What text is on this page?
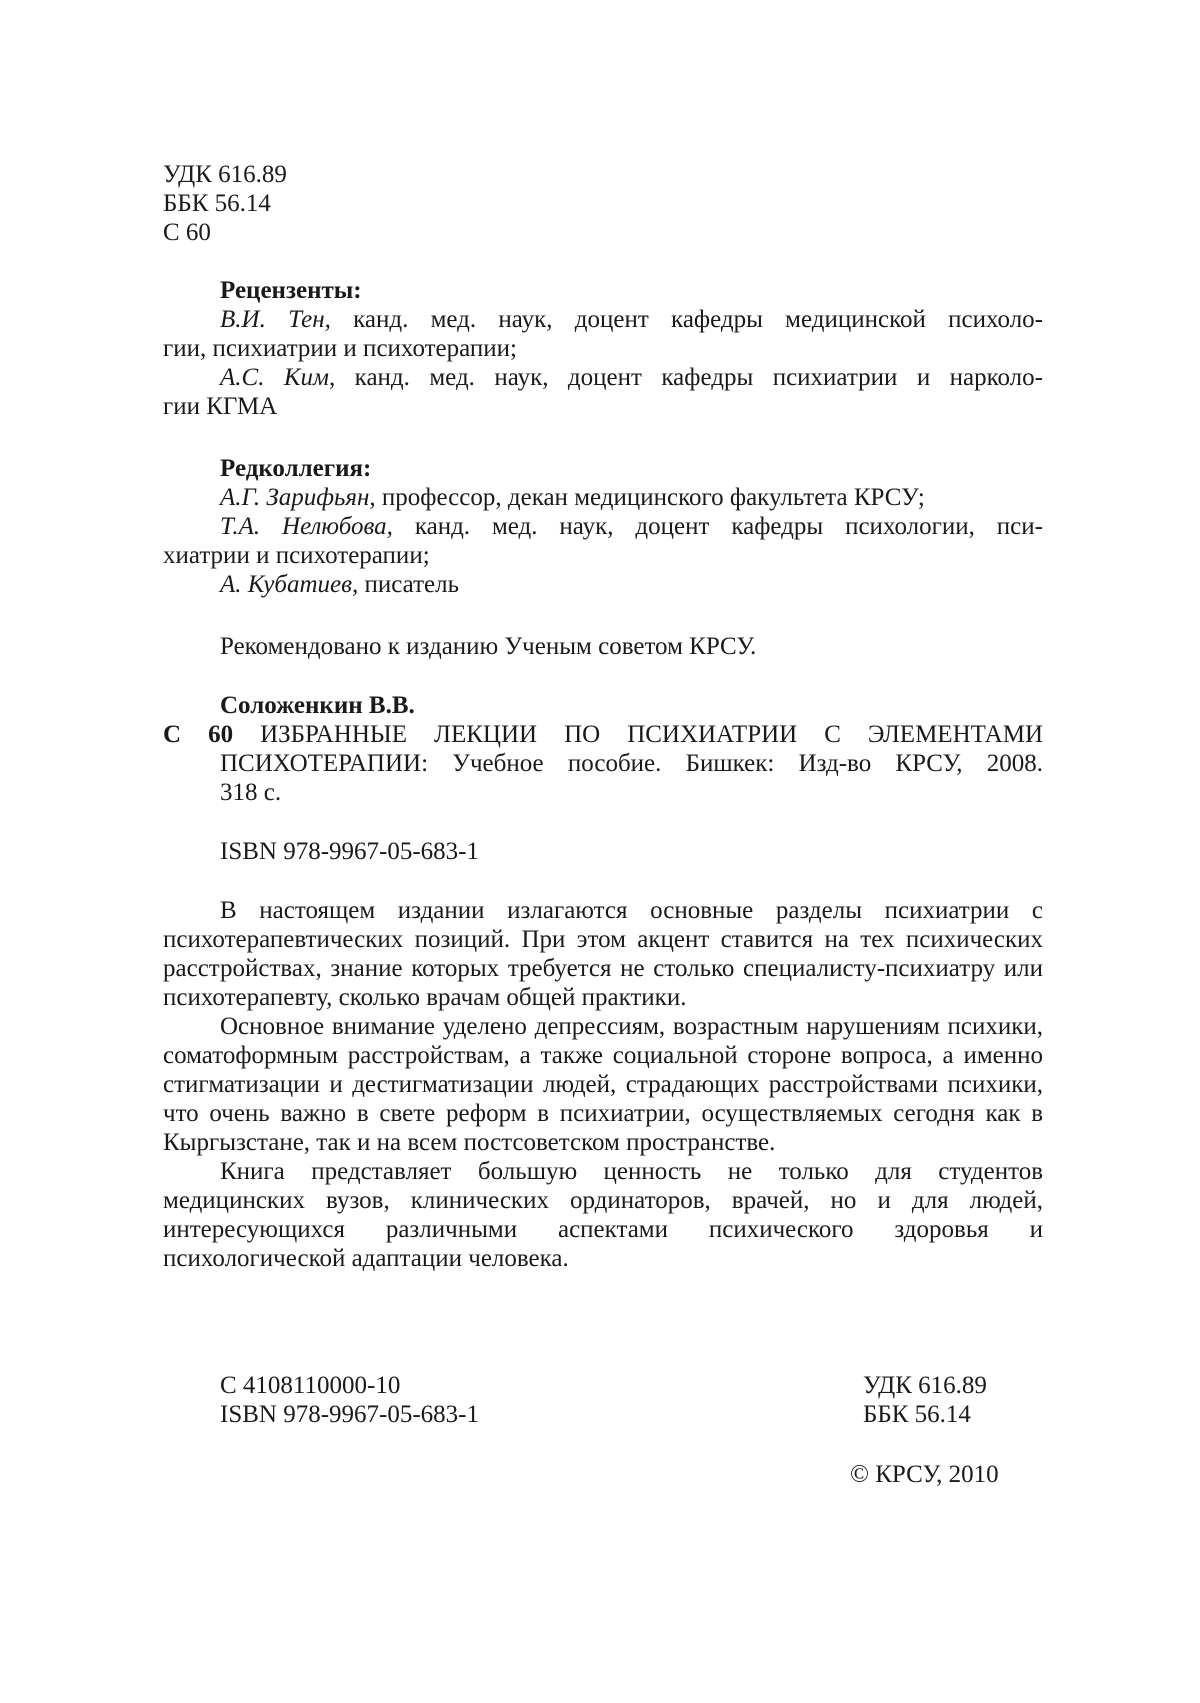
УДК 616.89
ББК 56.14
С 60
Рецензенты:
В.И. Тен, канд. мед. наук, доцент кафедры медицинской психоло-
гии, психиатрии и психотерапии;
А.С. Ким, канд. мед. наук, доцент кафедры психиатрии и нарколо-
гии КГМА
Редколлегия:
А.Г. Зарифьян, профессор, декан медицинского факультета КРСУ;
Т.А. Нелюбова, канд. мед. наук, доцент кафедры психологии, пси-
хиатрии и психотерапии;
А. Кубатиев, писатель
Рекомендовано к изданию Ученым советом КРСУ.
Соложенкин В.В.
С 60 ИЗБРАННЫЕ ЛЕКЦИИ ПО ПСИХИАТРИИ С ЭЛЕМЕНТАМИ
ПСИХОТЕРАПИИ: Учебное пособие. Бишкек: Изд-во КРСУ, 2008.
318 с.
ISBN 978-9967-05-683-1

В настоящем издании излагаются основные разделы психиатрии с психотерапевтических позиций. При этом акцент ставится на тех психических расстройствах, знание которых требуется не столько специалисту-психиатру или психотерапевту, сколько врачам общей практики.

Основное внимание уделено депрессиям, возрастным нарушениям психики, соматоформным расстройствам, а также социальной стороне вопроса, а именно стигматизации и дестигматизации людей, страдающих расстройствами психики, что очень важно в свете реформ в психиатрии, осуществляемых сегодня как в Кыргызстане, так и на всем постсоветском пространстве.

Книга представляет большую ценность не только для студентов медицинских вузов, клинических ординаторов, врачей, но и для людей, интересующихся различными аспектами психического здоровья и психологической адаптации человека.

С 4108110000-10	УДК 616.89
ISBN 978-9967-05-683-1	ББК 56.14
© КРСУ, 2010
